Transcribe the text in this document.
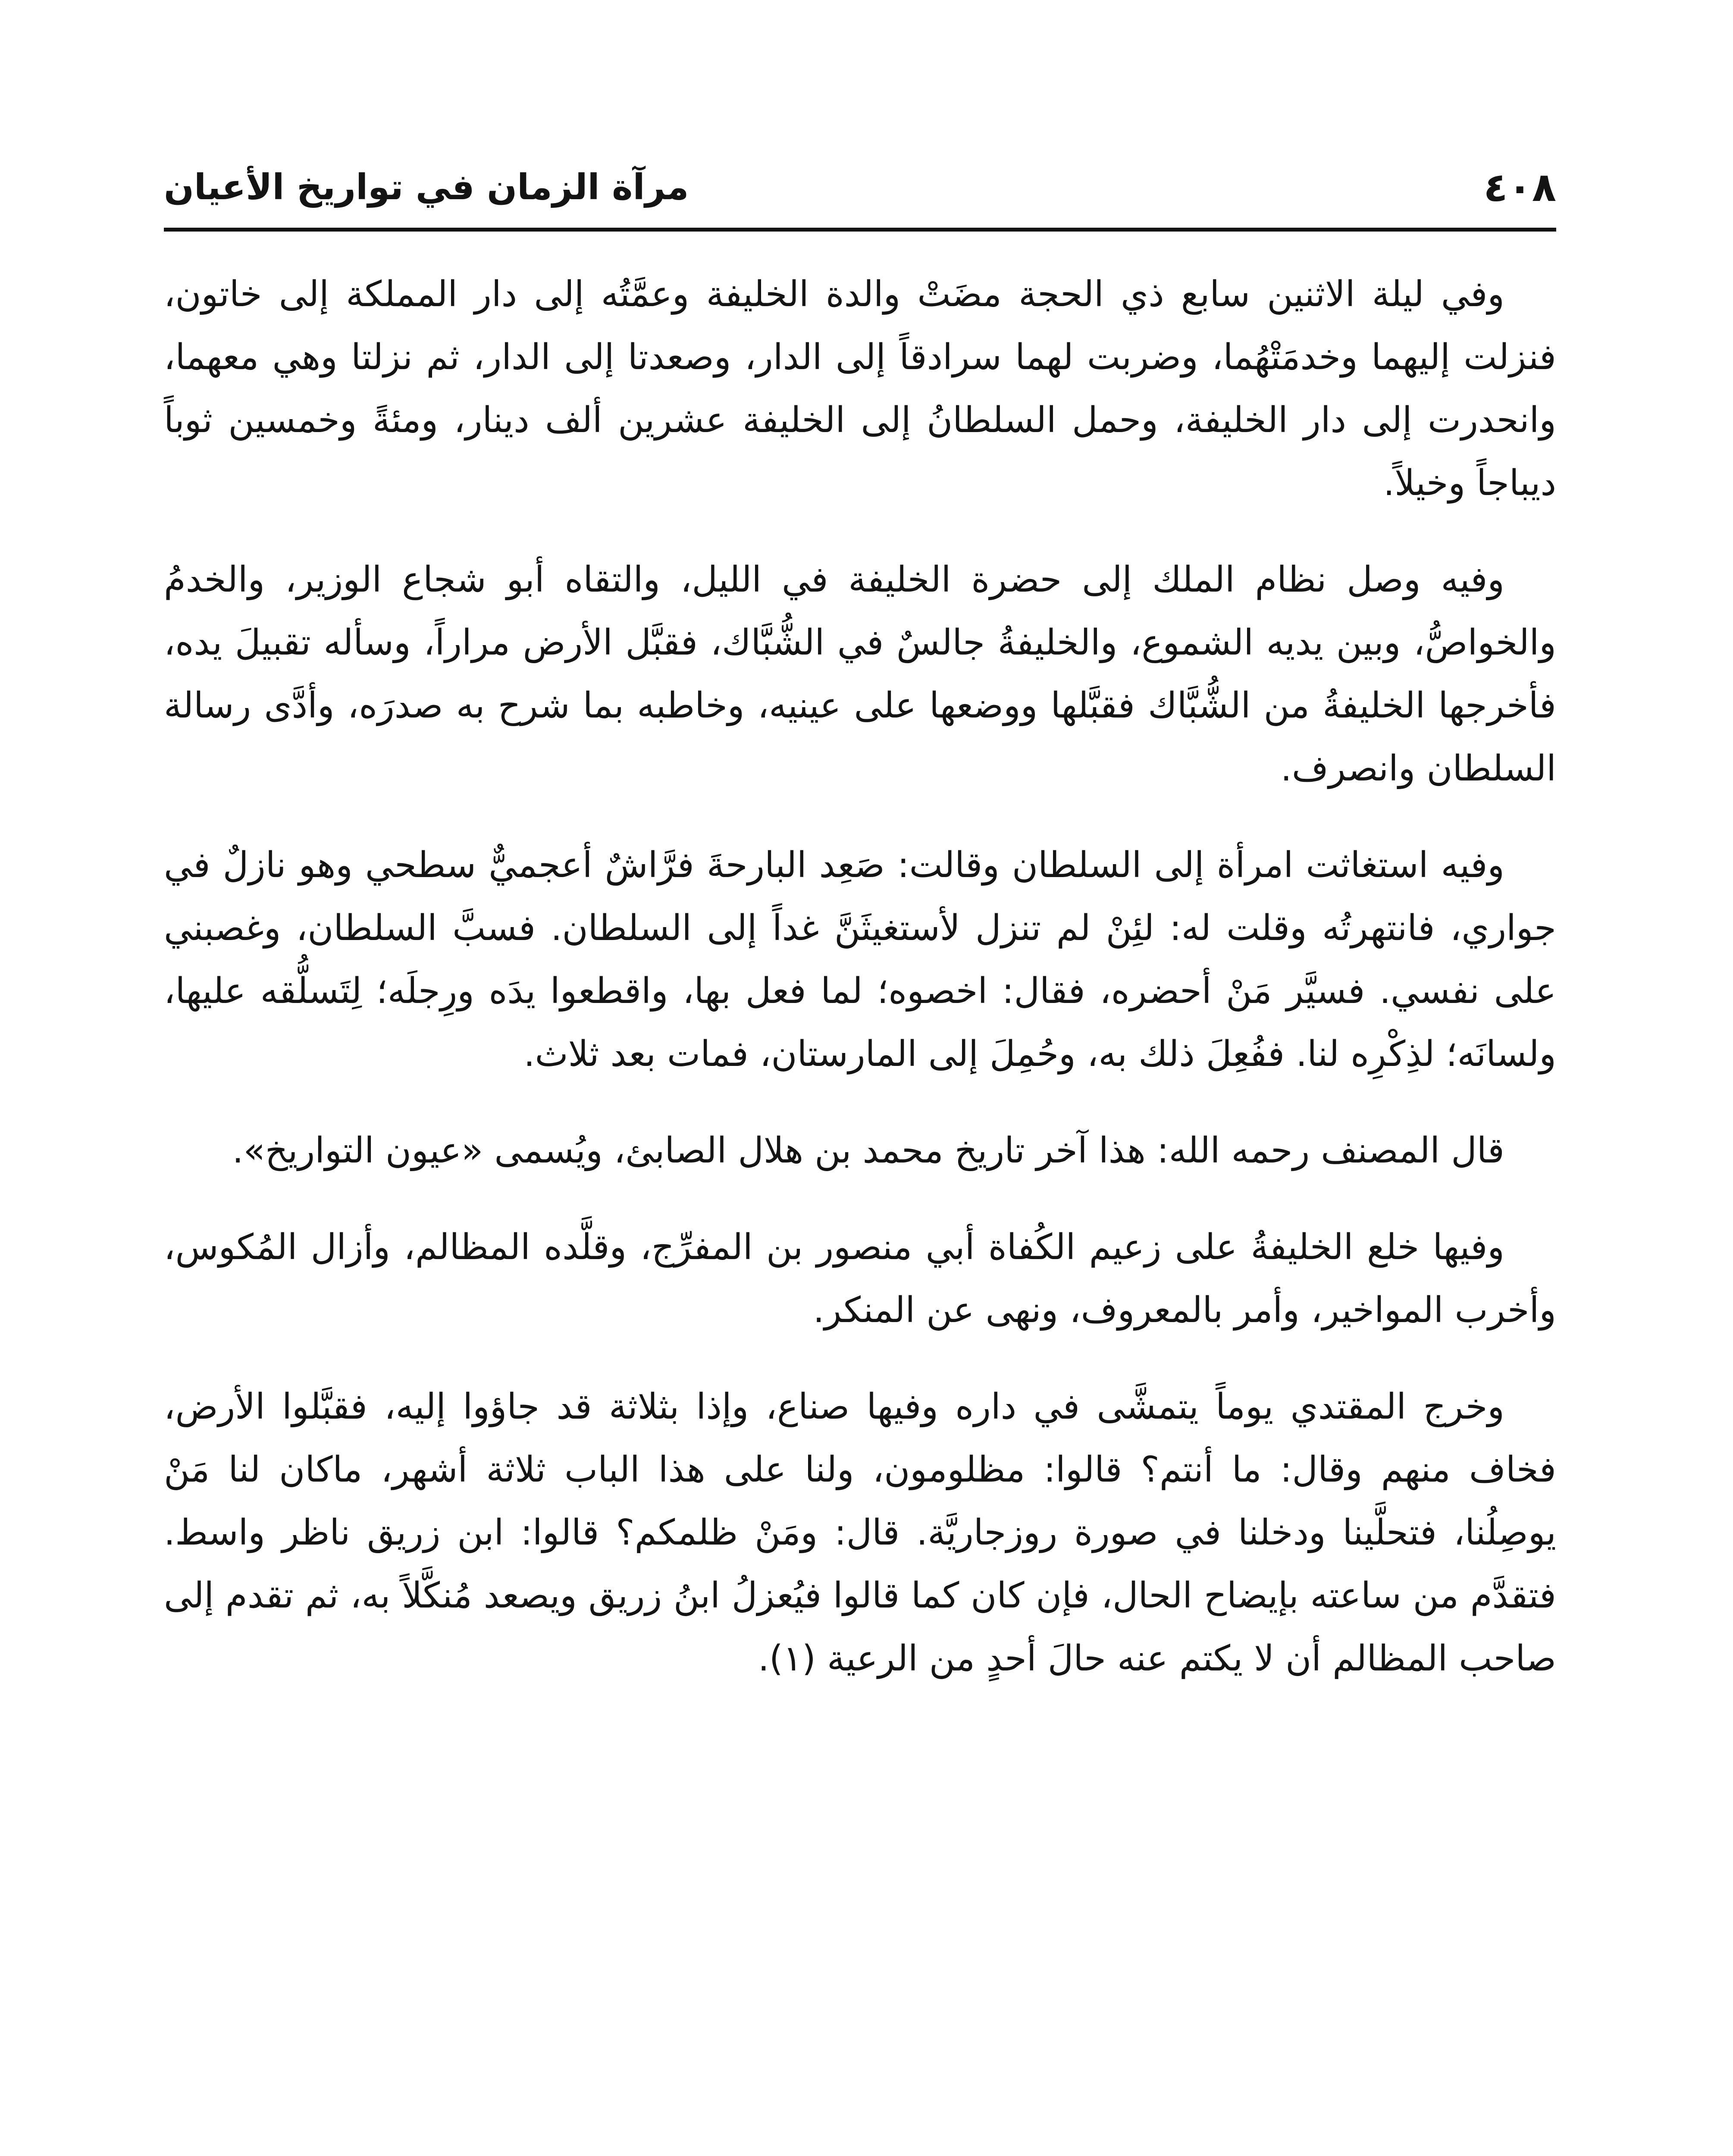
٤٠٨
مرآة الزمان في تواريخ الأعيان

وفي ليلة الاثنين سابع ذي الحجة مضَتْ والدة الخليفة وعمَّتُه إلى دار المملكة إلى خاتون، فنزلت إليهما وخدمَتْهُما، وضربت لهما سرادقاً إلى الدار، وصعدتا إلى الدار، ثم نزلتا وهي معهما، وانحدرت إلى دار الخليفة، وحمل السلطانُ إلى الخليفة عشرين ألف دينار، ومئةً وخمسين ثوباً ديباجاً وخيلاً.

وفيه وصل نظام الملك إلى حضرة الخليفة في الليل، والتقاه أبو شجاع الوزير، والخدمُ والخواصُّ، وبين يديه الشموع، والخليفةُ جالسٌ في الشُّبَّاك، فقبَّل الأرض مراراً، وسأله تقبيلَ يده، فأخرجها الخليفةُ من الشُّبَّاك فقبَّلها ووضعها على عينيه، وخاطبه بما شرح به صدرَه، وأدَّى رسالة السلطان وانصرف.

وفيه استغاثت امرأة إلى السلطان وقالت: صَعِد البارحةَ فرَّاشٌ أعجميٌّ سطحي وهو نازلٌ في جواري، فانتهرتُه وقلت له: لئِنْ لم تنزل لأستغيثَنَّ غداً إلى السلطان. فسبَّ السلطان، وغصبني على نفسي. فسيَّر مَنْ أحضره، فقال: اخصوه؛ لما فعل بها، واقطعوا يدَه ورِجلَه؛ لِتَسلُّقه عليها، ولسانَه؛ لذِكْرِه لنا. ففُعِلَ ذلك به، وحُمِلَ إلى المارستان، فمات بعد ثلاث.

قال المصنف رحمه الله: هذا آخر تاريخ محمد بن هلال الصابئ، ويُسمى «عيون التواريخ».

وفيها خلع الخليفةُ على زعيم الكُفاة أبي منصور بن المفرِّج، وقلَّده المظالم، وأزال المُكوس، وأخرب المواخير، وأمر بالمعروف، ونهى عن المنكر.

وخرج المقتدي يوماً يتمشَّى في داره وفيها صناع، وإذا بثلاثة قد جاؤوا إليه، فقبَّلوا الأرض، فخاف منهم وقال: ما أنتم؟ قالوا: مظلومون، ولنا على هذا الباب ثلاثة أشهر، ماكان لنا مَنْ يوصِلُنا، فتحلَّينا ودخلنا في صورة روزجاريَّة. قال: ومَنْ ظلمكم؟ قالوا: ابن زريق ناظر واسط. فتقدَّم من ساعته بإيضاح الحال، فإن كان كما قالوا فيُعزلُ ابنُ زريق ويصعد مُنكَّلاً به، ثم تقدم إلى صاحب المظالم أن لا يكتم عنه حالَ أحدٍ من الرعية (١).
